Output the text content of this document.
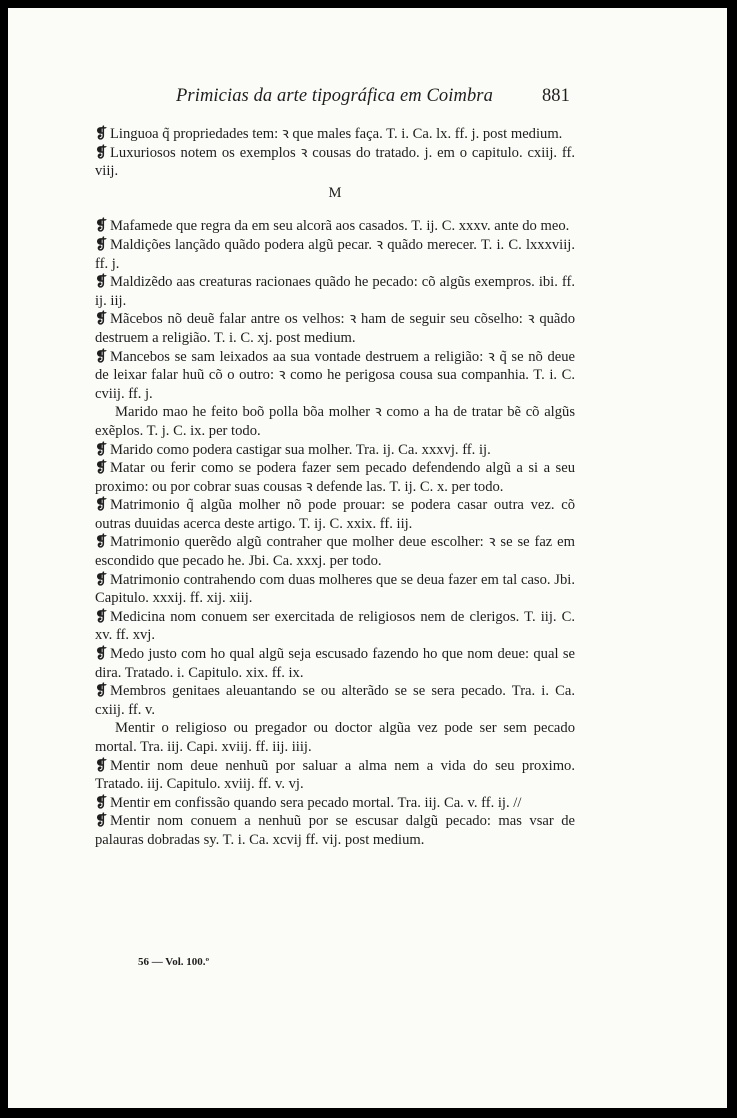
Primicias da arte tipográfica em Coimbra	881

❡ Linguoa q̃ propriedades tem: ꝛ que males faça. T. i. Ca. lx. ff. j. post medium.

❡ Luxuriosos notem os exemplos ꝛ cousas do tratado. j. em o capitulo. cxiij. ff. viij.

M

❡ Mafamede que regra da em seu alcorã aos casados. T. ij. C. xxxv. ante do meo.

❡ Maldições lançãdo quãdo podera algũ pecar. ꝛ quãdo merecer. T. i. C. lxxxviij. ff. j.

❡ Maldizẽdo aas creaturas racionaes quãdo he pecado: cõ algũs exempros. ibi. ff. ij. iij.

❡ Mãcebos nõ deuẽ falar antre os velhos: ꝛ ham de seguir seu cõselho: ꝛ quãdo destruem a religião. T. i. C. xj. post medium.

❡ Mancebos se sam leixados aa sua vontade destruem a religião: ꝛ q̃ se nõ deue de leixar falar huũ cõ o outro: ꝛ como he perigosa cousa sua companhia. T. i. C. cviij. ff. j.

Marido mao he feito boõ polla bõa molher ꝛ como a ha de tratar bẽ cõ algũs exẽplos. T. j. C. ix. per todo.

❡ Marido como podera castigar sua molher. Tra. ij. Ca. xxxvj. ff. ij.

❡ Matar ou ferir como se podera fazer sem pecado defendendo algũ a si a seu proximo: ou por cobrar suas cousas ꝛ defende las. T. ij. C. x. per todo.

❡ Matrimonio q̃ algũa molher nõ pode prouar: se podera casar outra vez. cõ outras duuidas acerca deste artigo. T. ij. C. xxix. ff. iij.

❡ Matrimonio querẽdo algũ contraher que molher deue escolher: ꝛ se se faz em escondido que pecado he. Jbi. Ca. xxxj. per todo.

❡ Matrimonio contrahendo com duas molheres que se deua fazer em tal caso. Jbi. Capitulo. xxxij. ff. xij. xiij.

❡ Medicina nom conuem ser exercitada de religiosos nem de clerigos. T. iij. C. xv. ff. xvj.

❡ Medo justo com ho qual algũ seja escusado fazendo ho que nom deue: qual se dira. Tratado. i. Capitulo. xix. ff. ix.

❡ Membros genitaes aleuantando se ou alterãdo se se sera pecado. Tra. i. Ca. cxiij. ff. v.

Mentir o religioso ou pregador ou doctor algũa vez pode ser sem pecado mortal. Tra. iij. Capi. xviij. ff. iij. iiij.

❡ Mentir nom deue nenhuũ por saluar a alma nem a vida do seu proximo. Tratado. iij. Capitulo. xviij. ff. v. vj.

❡ Mentir em confissão quando sera pecado mortal. Tra. iij. Ca. v. ff. ij. //

❡ Mentir nom conuem a nenhuũ por se escusar dalgũ pecado: mas vsar de palauras dobradas sy. T. i. Ca. xcvij ff. vij. post medium.

56 — Vol. 100.º
